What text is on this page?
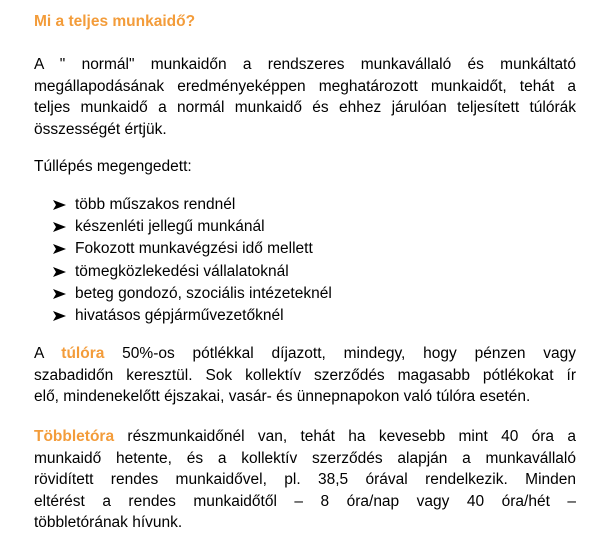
Mi a teljes munkaidő?
A " normál" munkaidőn a rendszeres munkavállaló és munkáltató
megállapodásának eredményeképpen meghatározott munkaidőt, tehát a
teljes munkaidő a normál munkaidő és ehhez járulóan teljesített túlórák
összességét értjük.
Túllépés megengedett:
több műszakos rendnél
készenléti jellegű munkánál
Fokozott munkavégzési idő mellett
tömegközlekedési vállalatoknál
beteg gondozó, szociális intézeteknél
hivatásos gépjárművezetőknél
A túlóra 50%-os pótlékkal díjazott, mindegy, hogy pénzen vagy
szabadidőn keresztül. Sok kollektív szerződés magasabb pótlékokat ír
elő, mindenekelőtt éjszakai, vasár- és ünnepnapokon való túlóra esetén.
Többletóra részmunkaidőnél van, tehát ha kevesebb mint 40 óra a
munkaidő hetente, és a kollektív szerződés alapján a munkavállaló
rövidített rendes munkaidővel, pl. 38,5 órával rendelkezik. Minden
eltérést a rendes munkaidőtől – 8 óra/nap vagy 40 óra/hét –
többletórának hívunk.
